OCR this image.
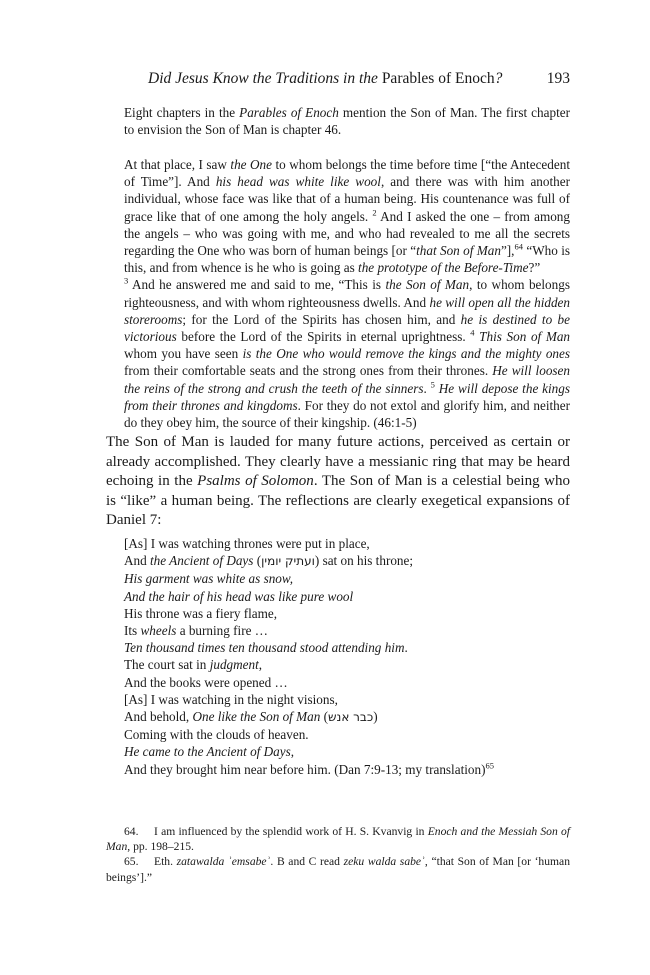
Did Jesus Know the Traditions in the Parables of Enoch?	193
Eight chapters in the Parables of Enoch mention the Son of Man. The first chapter to envision the Son of Man is chapter 46.
At that place, I saw the One to whom belongs the time before time [“the Antecedent of Time”]. And his head was white like wool, and there was with him another individual, whose face was like that of a human being. His countenance was full of grace like that of one among the holy angels. $^2$ And I asked the one – from among the angels – who was going with me, and who had revealed to me all the secrets regarding the One who was born of human beings [or “that Son of Man”],$^{64}$ “Who is this, and from whence is he who is going as the prototype of the Before-Time?”
$^3$ And he answered me and said to me, “This is the Son of Man, to whom belongs righteousness, and with whom righteousness dwells. And he will open all the hidden storerooms; for the Lord of the Spirits has chosen him, and he is destined to be victorious before the Lord of the Spirits in eternal uprightness. $^4$ This Son of Man whom you have seen is the One who would remove the kings and the mighty ones from their comfortable seats and the strong ones from their thrones. He will loosen the reins of the strong and crush the teeth of the sinners. $^5$ He will depose the kings from their thrones and kingdoms. For they do not extol and glorify him, and neither do they obey him, the source of their kingship. (46:1-5)
The Son of Man is lauded for many future actions, perceived as certain or already accomplished. They clearly have a messianic ring that may be heard echoing in the Psalms of Solomon. The Son of Man is a celestial being who is “like” a human being. The reflections are clearly exegetical expansions of Daniel 7:
[As] I was watching thrones were put in place,
And the Ancient of Days (ועתיק יומין) sat on his throne;
His garment was white as snow,
And the hair of his head was like pure wool
His throne was a fiery flame,
Its wheels a burning fire …
Ten thousand times ten thousand stood attending him.
The court sat in judgment,
And the books were opened …
[As] I was watching in the night visions,
And behold, One like the Son of Man (כבר אנש)
Coming with the clouds of heaven.
He came to the Ancient of Days,
And they brought him near before him. (Dan 7:9-13; my translation)$^{65}$
64. I am influenced by the splendid work of H. S. Kvanvig in Enoch and the Messiah Son of Man, pp. 198–215.
65. Eth. zatawalda ʾemsabeʾ. B and C read zeku walda sabeʾ, “that Son of Man [or ‘human beings’].”
